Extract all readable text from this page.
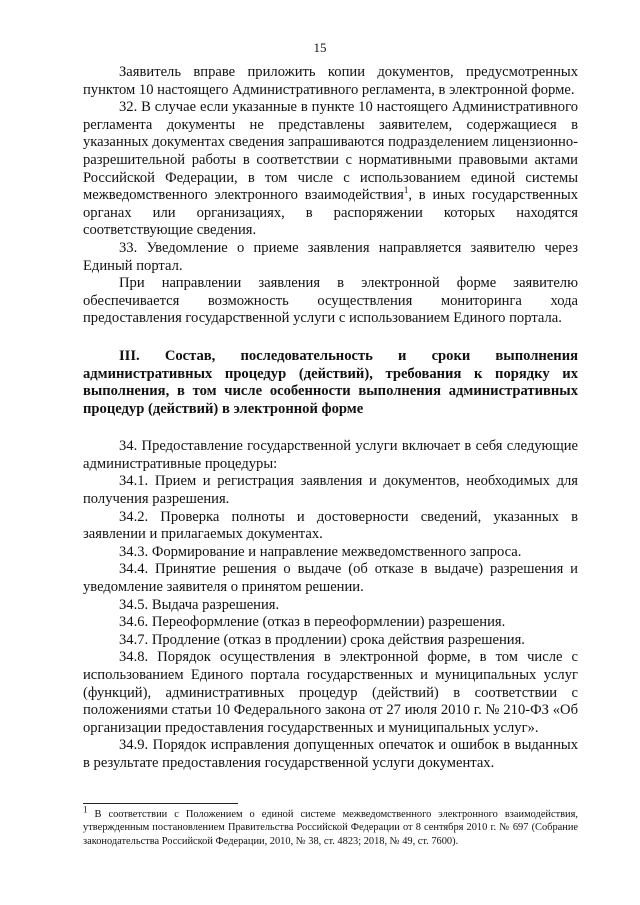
15

Заявитель вправе приложить копии документов, предусмотренных пунктом 10 настоящего Административного регламента, в электронной форме.

32. В случае если указанные в пункте 10 настоящего Административного регламента документы не представлены заявителем, содержащиеся в указанных документах сведения запрашиваются подразделением лицензионно-разрешительной работы в соответствии с нормативными правовыми актами Российской Федерации, в том числе с использованием единой системы межведомственного электронного взаимодействия$^1$, в иных государственных органах или организациях, в распоряжении которых находятся соответствующие сведения.

33. Уведомление о приеме заявления направляется заявителю через Единый портал.

При направлении заявления в электронной форме заявителю обеспечивается возможность осуществления мониторинга хода предоставления государственной услуги с использованием Единого портала.

III. Состав, последовательность и сроки выполнения административных процедур (действий), требования к порядку их выполнения, в том числе особенности выполнения административных процедур (действий) в электронной форме

34. Предоставление государственной услуги включает в себя следующие административные процедуры:

34.1. Прием и регистрация заявления и документов, необходимых для получения разрешения.

34.2. Проверка полноты и достоверности сведений, указанных в заявлении и прилагаемых документах.

34.3. Формирование и направление межведомственного запроса.

34.4. Принятие решения о выдаче (об отказе в выдаче) разрешения и уведомление заявителя о принятом решении.

34.5. Выдача разрешения.

34.6. Переоформление (отказ в переоформлении) разрешения.

34.7. Продление (отказ в продлении) срока действия разрешения.

34.8. Порядок осуществления в электронной форме, в том числе с использованием Единого портала государственных и муниципальных услуг (функций), административных процедур (действий) в соответствии с положениями статьи 10 Федерального закона от 27 июля 2010 г. № 210-ФЗ «Об организации предоставления государственных и муниципальных услуг».

34.9. Порядок исправления допущенных опечаток и ошибок в выданных в результате предоставления государственной услуги документах.

$^1$ В соответствии с Положением о единой системе межведомственного электронного взаимодействия, утвержденным постановлением Правительства Российской Федерации от 8 сентября 2010 г. № 697 (Собрание законодательства Российской Федерации, 2010, № 38, ст. 4823; 2018, № 49, ст. 7600).
